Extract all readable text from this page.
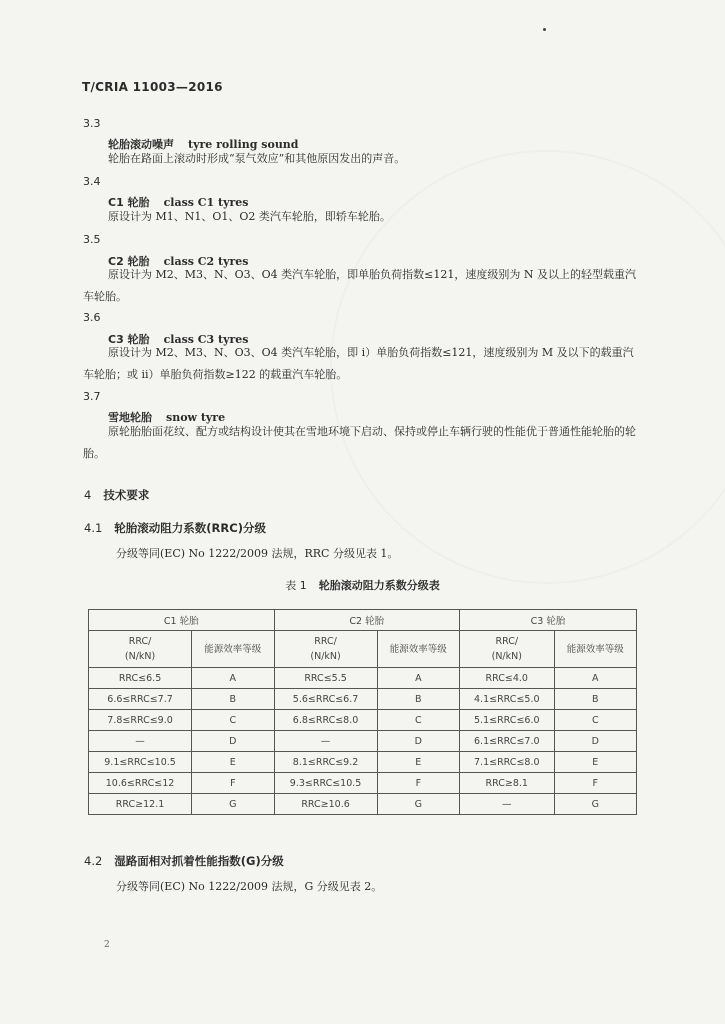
T/CRIA 11003—2016
3.3
轮胎滚动噪声 tyre rolling sound
轮胎在路面上滚动时形成“泵气效应”和其他原因发出的声音。
3.4
C1 轮胎 class C1 tyres
原设计为 M1、N1、O1、O2 类汽车轮胎，即轿车轮胎。
3.5
C2 轮胎 class C2 tyres
原设计为 M2、M3、N、O3、O4 类汽车轮胎，即单胎负荷指数≤121，速度级别为 N 及以上的轻型载重汽车轮胎。
3.6
C3 轮胎 class C3 tyres
原设计为 M2、M3、N、O3、O4 类汽车轮胎，即 i）单胎负荷指数≤121，速度级别为 M 及以下的载重汽车轮胎；或 ii）单胎负荷指数≥122 的载重汽车轮胎。
3.7
雪地轮胎 snow tyre
原轮胎胎面花纹、配方或结构设计使其在雪地环境下启动、保持或停止车辆行驶的性能优于普通性能轮胎的轮胎。
4 技术要求
4.1 轮胎滚动阻力系数(RRC)分级
分级等同(EC) No 1222/2009 法规，RRC 分级见表 1。
表 1 轮胎滚动阻力系数分级表
C1 轮胎		C2 轮胎		C3 轮胎	
RRC/
(N/kN)	能源效率等级	RRC/
(N/kN)	能源效率等级	RRC/
(N/kN)	能源效率等级
RRC≤6.5	A	RRC≤5.5	A	RRC≤4.0	A
6.6≤RRC≤7.7	B	5.6≤RRC≤6.7	B	4.1≤RRC≤5.0	B
7.8≤RRC≤9.0	C	6.8≤RRC≤8.0	C	5.1≤RRC≤6.0	C
—	D	—	D	6.1≤RRC≤7.0	D
9.1≤RRC≤10.5	E	8.1≤RRC≤9.2	E	7.1≤RRC≤8.0	E
10.6≤RRC≤12	F	9.3≤RRC≤10.5	F	RRC≥8.1	F
RRC≥12.1	G	RRC≥10.6	G	—	G
4.2 湿路面相对抓着性能指数(G)分级
分级等同(EC) No 1222/2009 法规，G 分级见表 2。
2
